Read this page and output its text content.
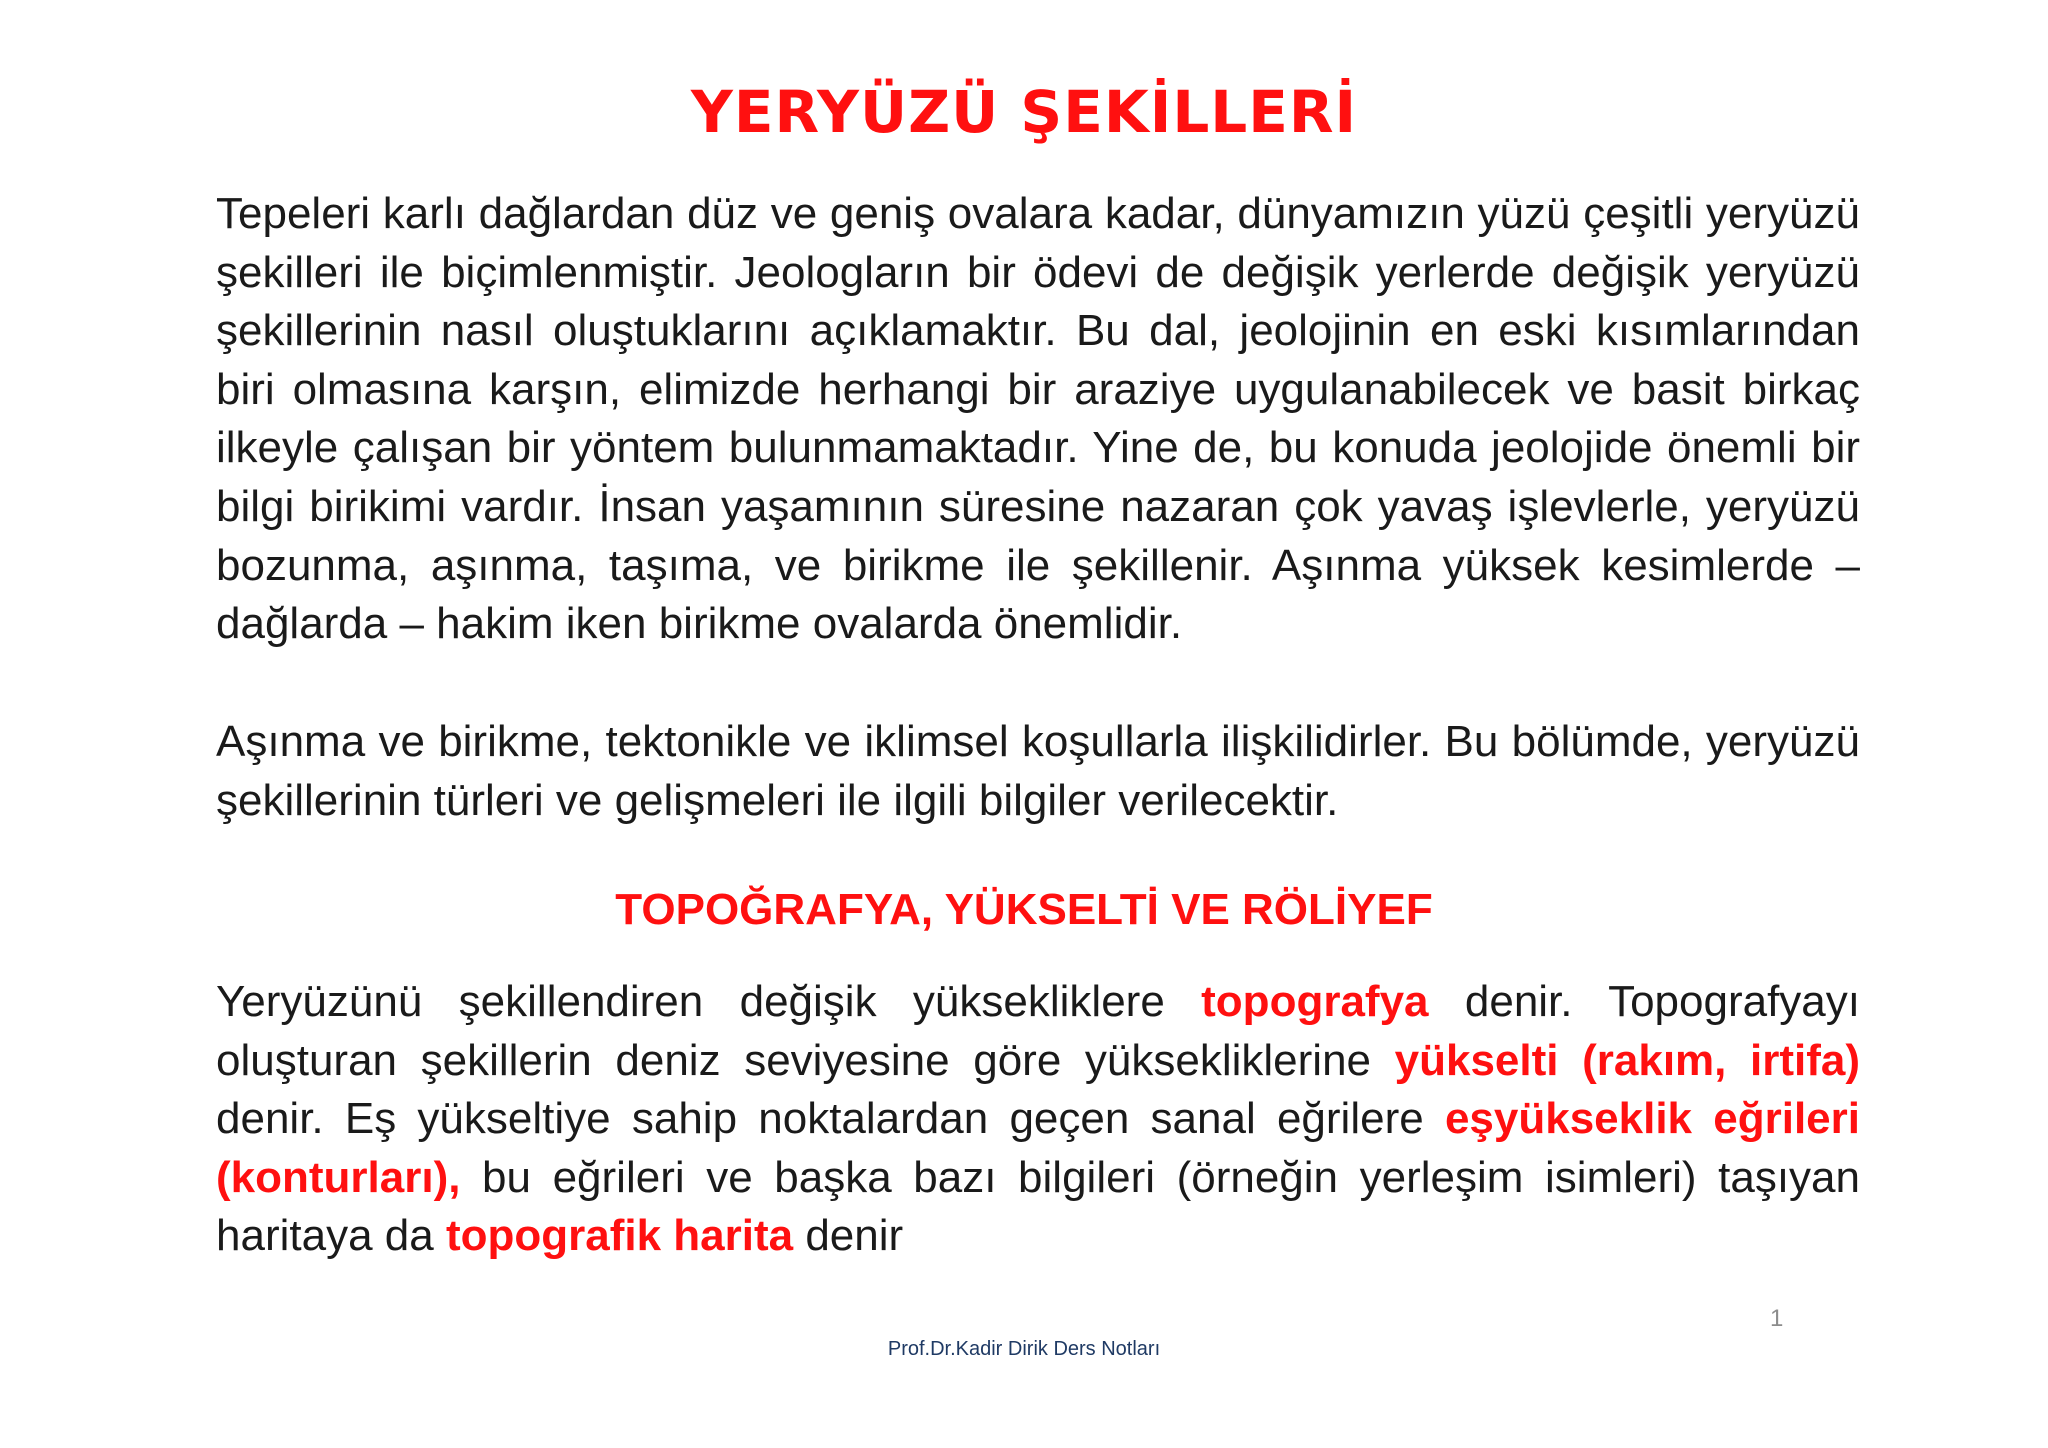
YERYÜZÜ ŞEKİLLERİ

Tepeleri karlı dağlardan düz ve geniş ovalara kadar, dünyamızın yüzü çeşitli yeryüzü şekilleri ile biçimlenmiştir. Jeologların bir ödevi de değişik yerlerde değişik yeryüzü şekillerinin nasıl oluştuklarını açıklamaktır. Bu dal, jeolojinin en eski kısımlarından biri olmasına karşın, elimizde herhangi bir araziye uygulanabilecek ve basit birkaç ilkeyle çalışan bir yöntem bulunmamaktadır. Yine de, bu konuda jeolojide önemli bir bilgi birikimi vardır. İnsan yaşamının süresine nazaran çok yavaş işlevlerle, yeryüzü bozunma, aşınma, taşıma, ve birikme ile şekillenir. Aşınma yüksek kesimlerde – dağlarda – hakim iken birikme ovalarda önemlidir.

Aşınma ve birikme, tektonikle ve iklimsel koşullarla ilişkilidirler. Bu bölümde, yeryüzü şekillerinin türleri ve gelişmeleri ile ilgili bilgiler verilecektir.

TOPOĞRAFYA, YÜKSELTİ VE RÖLİYEF

Yeryüzünü şekillendiren değişik yüksekliklere topografya denir. Topografyayı oluşturan şekillerin deniz seviyesine göre yüksekliklerine yükselti (rakım, irtifa) denir. Eş yükseltiye sahip noktalardan geçen sanal eğrilere eşyükseklik eğrileri (konturları), bu eğrileri ve başka bazı bilgileri (örneğin yerleşim isimleri) taşıyan haritaya da topografik harita denir

1
Prof.Dr.Kadir Dirik Ders Notları
